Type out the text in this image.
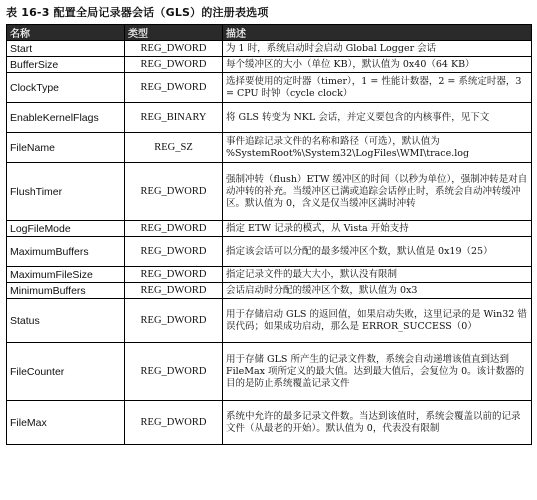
表 16-3 配置全局记录器会话（GLS）的注册表选项
名称	类型	描述
Start	REG_DWORD	为 1 时，系统启动时会启动 Global Logger 会话
BufferSize	REG_DWORD	每个缓冲区的大小（单位 KB），默认值为 0x40（64 KB）
ClockType	REG_DWORD	选择要使用的定时器（timer），1 = 性能计数器，2 = 系统定时器，3 = CPU 时钟（cycle clock）
EnableKernelFlags	REG_BINARY	将 GLS 转变为 NKL 会话，并定义要包含的内核事件，见下文
FileName	REG_SZ	事件追踪记录文件的名称和路径（可选），默认值为 %SystemRoot%\System32\LogFiles\WMI\trace.log
FlushTimer	REG_DWORD	强制冲转（flush）ETW 缓冲区的时间（以秒为单位），强制冲转是对自动冲转的补充。当缓冲区已满或追踪会话停止时，系统会自动冲转缓冲区。默认值为 0，含义是仅当缓冲区满时冲转
LogFileMode	REG_DWORD	指定 ETW 记录的模式，从 Vista 开始支持
MaximumBuffers	REG_DWORD	指定该会话可以分配的最多缓冲区个数，默认值是 0x19（25）
MaximumFileSize	REG_DWORD	指定记录文件的最大大小，默认没有限制
MinimumBuffers	REG_DWORD	会话启动时分配的缓冲区个数，默认值为 0x3
Status	REG_DWORD	用于存储启动 GLS 的返回值，如果启动失败，这里记录的是 Win32 错误代码；如果成功启动，那么是 ERROR_SUCCESS（0）
FileCounter	REG_DWORD	用于存储 GLS 所产生的记录文件数，系统会自动递增该值直到达到 FileMax 项所定义的最大值。达到最大值后，会复位为 0。该计数器的目的是防止系统覆盖记录文件
FileMax	REG_DWORD	系统中允许的最多记录文件数。当达到该值时，系统会覆盖以前的记录文件（从最老的开始）。默认值为 0，代表没有限制
